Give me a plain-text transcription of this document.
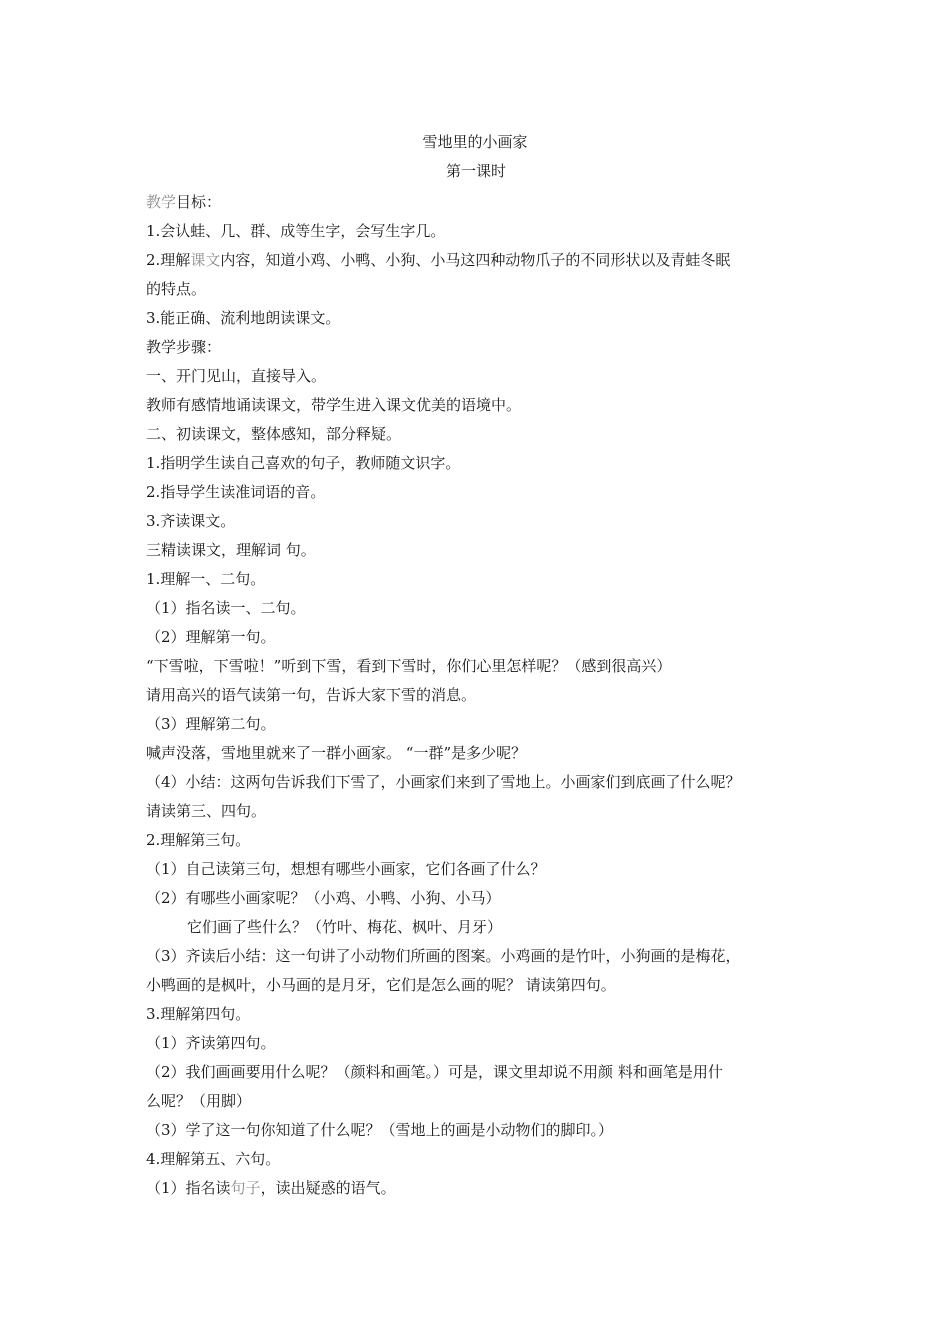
雪地里的小画家
第一课时
教学目标：
1.会认蛙、几、群、成等生字，会写生字几。
2.理解课文内容，知道小鸡、小鸭、小狗、小马这四种动物爪子的不同形状以及青蛙冬眠
的特点。
3.能正确、流利地朗读课文。
教学步骤：
一、开门见山，直接导入。
教师有感情地诵读课文，带学生进入课文优美的语境中。
二、初读课文，整体感知，部分释疑。
1.指明学生读自己喜欢的句子，教师随文识字。
2.指导学生读准词语的音。
3.齐读课文。
三精读课文，理解词 句。
1.理解一、二句。
（1）指名读一、二句。
（2）理解第一句。
“下雪啦，下雪啦！”听到下雪，看到下雪时，你们心里怎样呢？（感到很高兴）
请用高兴的语气读第一句，告诉大家下雪的消息。
（3）理解第二句。
喊声没落，雪地里就来了一群小画家。 “一群”是多少呢？
（4）小结：这两句告诉我们下雪了，小画家们来到了雪地上。小画家们到底画了什么呢？
请读第三、四句。
2.理解第三句。
（1）自己读第三句，想想有哪些小画家，它们各画了什么？
（2）有哪些小画家呢？（小鸡、小鸭、小狗、小马）
它们画了些什么？（竹叶、梅花、枫叶、月牙）
（3）齐读后小结：这一句讲了小动物们所画的图案。小鸡画的是竹叶，小狗画的是梅花，
小鸭画的是枫叶，小马画的是月牙，它们是怎么画的呢？ 请读第四句。
3.理解第四句。
（1）齐读第四句。
（2）我们画画要用什么呢？（颜料和画笔。）可是，课文里却说不用颜 料和画笔是用什
么呢？（用脚）
（3）学了这一句你知道了什么呢？（雪地上的画是小动物们的脚印。）
4.理解第五、六句。
（1）指名读句子，读出疑惑的语气。
